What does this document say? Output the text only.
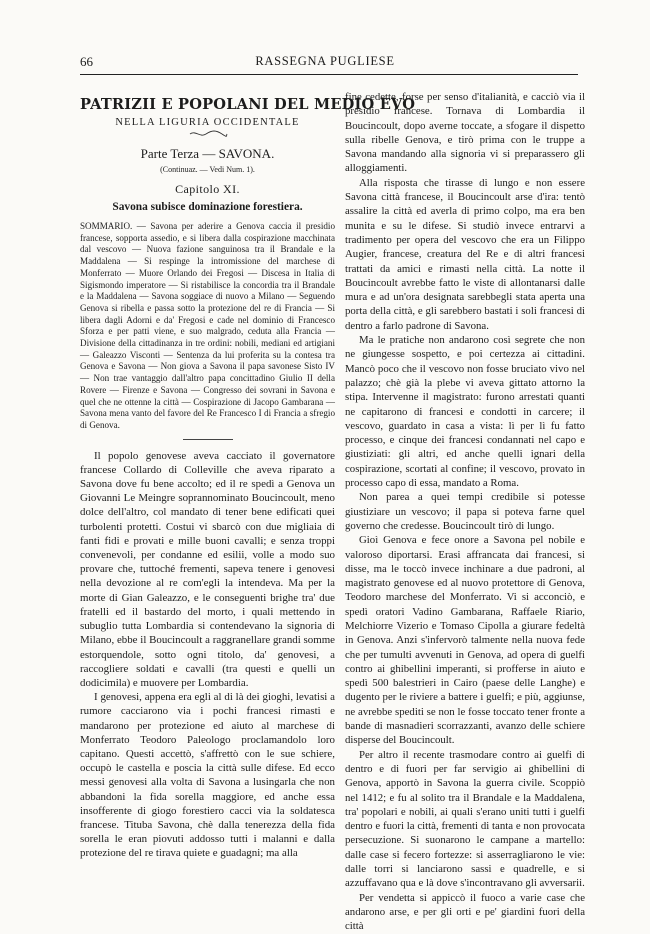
66	RASSEGNA PUGLIESE
PATRIZII E POPOLANI DEL MEDIO EVO
NELLA LIGURIA OCCIDENTALE
Parte Terza — SAVONA.
(Continuaz. — Vedi Num. 1).
Capitolo XI.
Savona subisce dominazione forestiera.
SOMMARIO. — Savona per aderire a Genova caccia il presidio francese, sopporta assedio, e si libera dalla cospirazione macchinata dal vescovo — Nuova fazione sanguinosa tra il Brandale e la Maddalena — Si respinge la intromissione del marchese di Monferrato — Muore Orlando dei Fregosi — Discesa in Italia di Sigismondo imperatore — Si ristabilisce la concordia tra il Brandale e la Maddalena — Savona soggiace di nuovo a Milano — Seguendo Genova si ribella e passa sotto la protezione del re di Francia — Si libera dagli Adorni e da' Fregosi e cade nel dominio di Francesco Sforza e per patti viene, e suo malgrado, ceduta alla Francia — Divisione della cittadinanza in tre ordini: nobili, mediani ed artigiani — Galeazzo Visconti — Sentenza da lui proferita su la contesa tra Genova e Savona — Non giova a Savona il papa savonese Sisto IV — Non trae vantaggio dall'altro papa concittadino Giulio II della Rovere — Firenze e Savona — Congresso dei sovrani in Savona e quel che ne ottenne la città — Cospirazione di Jacopo Gambarana — Savona mena vanto del favore del Re Francesco I di Francia a sfregio di Genova.

Il popolo genovese aveva cacciato il governatore francese Collardo di Colleville che aveva riparato a Savona dove fu bene accolto; ed il re spedì a Genova un Giovanni Le Meingre soprannominato Boucincoult, meno dolce dell'altro, col mandato di tener bene edificati quei turbolenti protetti. Costui vi sbarcò con due migliaia di fanti fidi e provati e mille buoni cavalli; e senza troppi convenevoli, per condanne ed esilii, volle a modo suo provare che, tuttoché frementi, sapeva tenere i genovesi nella devozione al re com'egli la intendeva. Ma per la morte di Gian Galeazzo, e le conseguenti brighe tra' due fratelli ed il bastardo del morto, i quali mettendo in subuglio tutta Lombardia si contendevano la signoria di Milano, ebbe il Boucincoult a raggranellare grandi somme estorquendole, sotto ogni titolo, da' genovesi, a raccogliere soldati e cavalli (tra questi e quelli un dodicimila) e muovere per Lombardia.

I genovesi, appena era egli al di là dei gioghi, levatisi a rumore cacciarono via i pochi francesi rimasti e mandarono per protezione ed aiuto al marchese di Monferrato Teodoro Paleologo proclamandolo loro capitano. Questi accettò, s'affrettò con le sue schiere, occupò le castella e poscia la città sulle difese. Ed ecco messi genovesi alla volta di Savona a lusingarla che non abbandoni la fida sorella maggiore, ed anche essa insofferente di giogo forestiero cacci via la soldatesca francese. Tituba Savona, chè dalla tenerezza della fida sorella le eran piovuti addosso tutti i malanni e dalla protezione del re tirava quiete e guadagni; ma alla

fine cedette, forse per senso d'italianità, e cacciò via il presidio francese. Tornava di Lombardia il Boucincoult, dopo averne toccate, a sfogare il dispetto sulla ribelle Genova, e tirò prima con le truppe a Savona mandando alla signoria vi si preparassero gli alloggiamenti.

Alla risposta che tirasse di lungo e non essere Savona città francese, il Boucincoult arse d'ira: tentò assalire la città ed averla di primo colpo, ma era ben munita e su le difese. Si studiò invece entrarvi a tradimento per opera del vescovo che era un Filippo Augier, francese, creatura del Re e di altri francesi trattati da amici e rimasti nella città. La notte il Boucincoult avrebbe fatto le viste di allontanarsi dalle mura e ad un'ora designata sarebbegli stata aperta una porta della città, e gli sarebbero bastati i soli francesi di dentro a farlo padrone di Savona.

Ma le pratiche non andarono così segrete che non ne giungesse sospetto, e poi certezza ai cittadini. Mancò poco che il vescovo non fosse bruciato vivo nel palazzo; chè già la plebe vi aveva gittato attorno la stipa. Intervenne il magistrato: furono arrestati quanti ne capitarono di francesi e condotti in carcere; il vescovo, guardato in casa a vista: lì per lì fu fatto processo, e cinque dei francesi condannati nel capo e giustiziati: gli altri, ed anche quelli ignari della cospirazione, scortati al confine; il vescovo, provato in processo capo di essa, mandato a Roma.

Non parea a quei tempi credibile si potesse giustiziare un vescovo; il papa si poteva farne quel governo che credesse. Boucincoult tirò di lungo.

Gioì Genova e fece onore a Savona pel nobile e valoroso diportarsi. Erasi affrancata dai francesi, si disse, ma le toccò invece inchinare a due padroni, al magistrato genovese ed al nuovo protettore di Genova, Teodoro marchese del Monferrato. Vi si acconciò, e spedì oratori Vadino Gambarana, Raffaele Riario, Melchiorre Vizerio e Tomaso Cipolla a giurare fedeltà in Genova. Anzi s'infervorò talmente nella nuova fede che per tumulti avvenuti in Genova, ad opera di guelfi contro ai ghibellini imperanti, si profferse in aiuto e spedì 500 balestrieri in Cairo (paese delle Langhe) e dugento per le riviere a battere i guelfi; e più, aggiunse, ne avrebbe spediti se non le fosse toccato tener fronte a bande di masnadieri scorrazzanti, avanzo delle schiere disperse del Boucincoult.

Per altro il recente trasmodare contro ai guelfi di dentro e di fuori per far servigio ai ghibellini di Genova, apportò in Savona la guerra civile. Scoppiò nel 1412; e fu al solito tra il Brandale e la Maddalena, tra' popolari e nobili, ai quali s'erano uniti tutti i guelfi dentro e fuori la città, frementi di tanta e non provocata persecuzione. Si suonarono le campane a martello: dalle case si fecero fortezze: si asserragliarono le vie: dalle torri si lanciarono sassi e quadrelle, e si azzuffavano qua e là dove s'incontravano gli avversarii.

Per vendetta si appiccò il fuoco a varie case che andarono arse, e per gli orti e pe' giardini fuori della città
